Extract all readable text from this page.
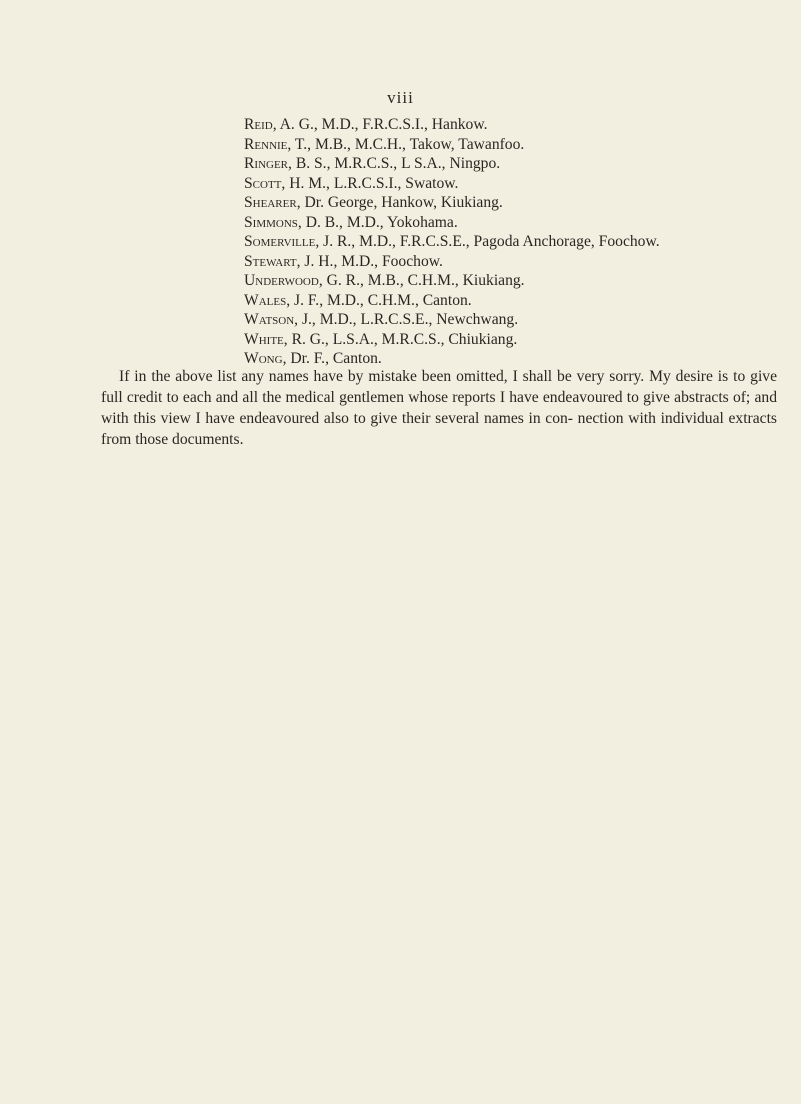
viii
Reid, A. G., M.D., F.R.C.S.I., Hankow.
Rennie, T., M.B., M.C.H., Takow, Tawanfoo.
Ringer, B. S., M.R.C.S., L S.A., Ningpo.
Scott, H. M., L.R.C.S.I., Swatow.
Shearer, Dr. George, Hankow, Kiukiang.
Simmons, D. B., M.D., Yokohama.
Somerville, J. R., M.D., F.R.C.S.E., Pagoda Anchorage, Foochow.
Stewart, J. H., M.D., Foochow.
Underwood, G. R., M.B., C.H.M., Kiukiang.
Wales, J. F., M.D., C.H.M., Canton.
Watson, J., M.D., L.R.C.S.E., Newchwang.
White, R. G., L.S.A., M.R.C.S., Chiukiang.
Wong, Dr. F., Canton.

If in the above list any names have by mistake been omitted, I shall be very sorry. My desire is to give full credit to each and all the medical gentlemen whose reports I have endeavoured to give abstracts of; and with this view I have endeavoured also to give their several names in con- nection with individual extracts from those documents.
